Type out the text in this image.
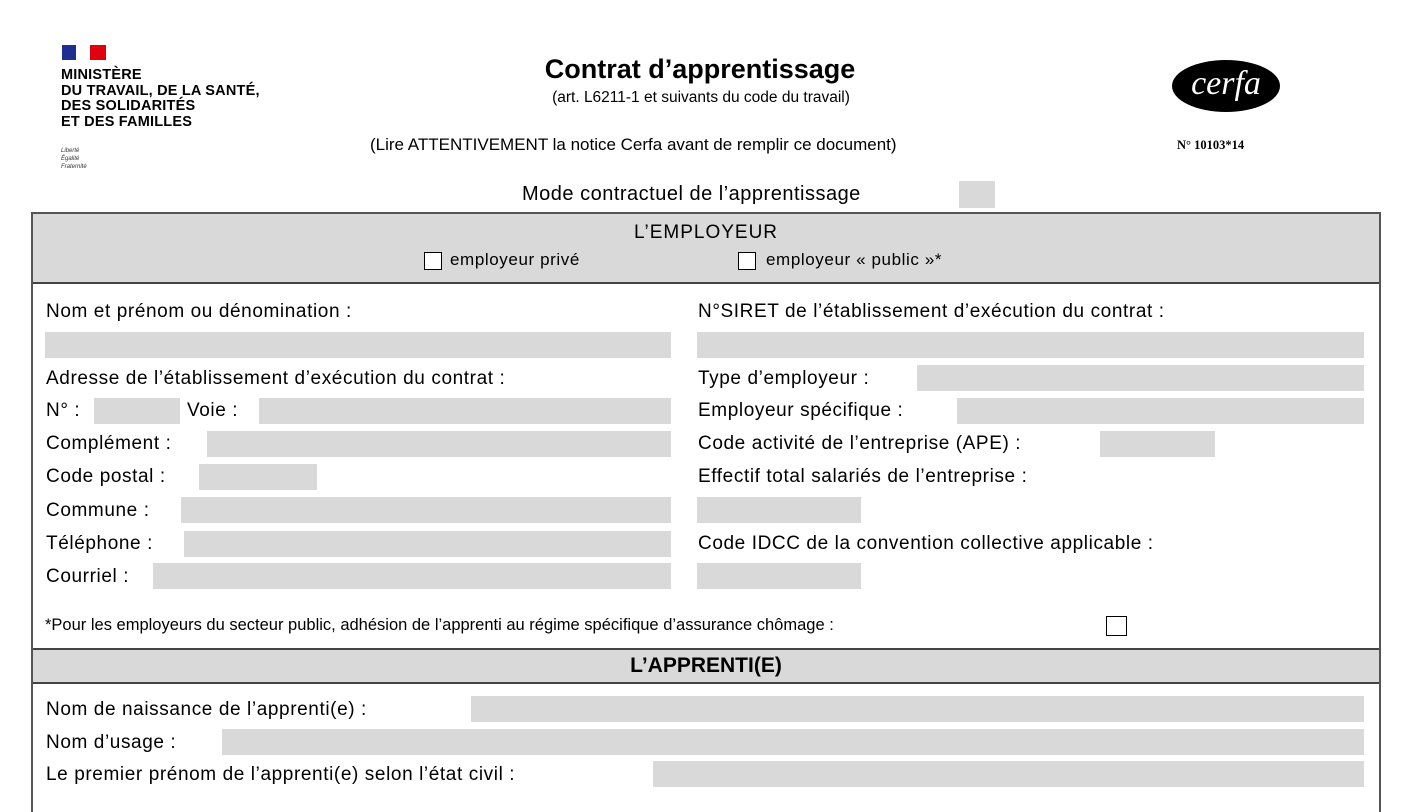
MINISTÈRE
DU TRAVAIL, DE LA SANTÉ,
DES SOLIDARITÉS
ET DES FAMILLES
Liberté
Égalité
Fraternité
Contrat d’apprentissage
(art. L6211-1 et suivants du code du travail)
(Lire ATTENTIVEMENT la notice Cerfa avant de remplir ce document)
cerfa
N° 10103*14
Mode contractuel de l’apprentissage
L’EMPLOYEUR
employeur privé	employeur « public »*
Nom et prénom ou dénomination :
Adresse de l’établissement d’exécution du contrat :
N° :	Voie :
Complément :
Code postal :
Commune :
Téléphone :
Courriel :
N°SIRET de l’établissement d’exécution du contrat :
Type d’employeur :
Employeur spécifique :
Code activité de l’entreprise (APE) :
Effectif total salariés de l’entreprise :
Code IDCC de la convention collective applicable :
*Pour les employeurs du secteur public, adhésion de l’apprenti au régime spécifique d’assurance chômage :
L’APPRENTI(E)
Nom de naissance de l’apprenti(e) :
Nom d’usage :
Le premier prénom de l’apprenti(e) selon l’état civil :
